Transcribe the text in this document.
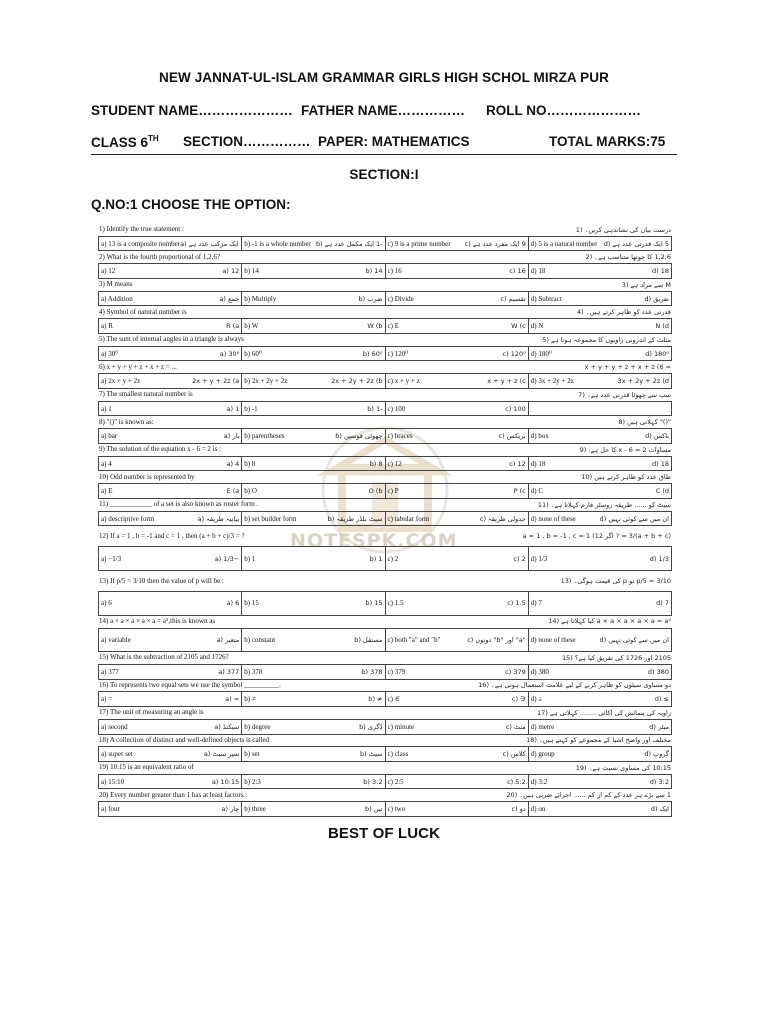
NEW JANNAT-UL-ISLAM GRAMMAR GIRLS HIGH SCHOL MIRZA PUR
STUDENT NAME………………… FATHER NAME…………… ROLL NO…………………
CLASS 6TH SECTION…………… PAPER: MATHEMATICS	TOTAL MARKS:75
SECTION:I
Q.NO:1 CHOOSE THE OPTION:
NOTESPK.COM
1) Identify the true statement :	درست بیان کی نشاندہی کریں۔ (1
a) 13 is a composite number	ایک مرکب عدد ہے (a	b) -1 is a whole number -1 ایک مکمل عدد ہے (b c) 9 is a prime number 9 ایک مفرد عدد ہے (c d) 5 is a natural number 5 ایک قدرتی عدد ہے (d
2) What is the fourth proportional of 1,2,6?	1,2,6 کا چوتھا متناسب ہے۔ (2
a) 12	12 (a b) 14	14 (b c) 16	16 (c d) 18	18 (d
3) M means	M سے مراد ہے (3
a) Addition	جمع (a b) Multiply	ضرب (b c) Divide	تقسیم (c d) Subtract	تفریق (d
4) Symbol of natural number is	قدرتی عدد کو ظاہر کرتے ہیں۔ (4
a) R	R (a b) W	W (b c) E	W (c d) N	N (d
5) The sum of internal angles in a triangle is always	مثلث کے اندرونی زاویوں کا مجموعہ ہوتا ہے (5
a) 30⁰	30⁰ (a b) 60⁰	60⁰ (b c) 120⁰	120⁰ (c d) 180⁰	180⁰ (d
6) x + y + y + z + x + z = ...	= x + y + y + z + x + z (6
a) 2x + y + 2z	2x + y + 2z (a b) 2x + 2y + 2z	2x + 2y + 2z (b c) x + y + z	x + y + z (c d) 3x + 2y + 2z	3x + 2y + 2z (d
7) The smallest natural number is	سب سے چھوٹا قدرتی عدد ہے۔ (7
a) 1	1 (a b) -1	-1 (b c) 100	100 (c
8) "()" is known as:	"()" کہلاتی ہیں (8
a) bar	بار (a b) parentheses	چھوٹی قوسین (b c) braces	بریکس (c d) box	باکس (d
9) The solution of the equation x - 6 = 2 is :	مساوات x - 6 = 2 کا حل ہے: (9
a) 4	4 (a b) 8	8 (b c) 12	12 (c d) 18	18 (d
10) Odd number is represented by	طاق عدد کو ظاہر کرتے ہیں (10
a) E	E (a b) O	O (b c) P	P (c d) C	C (d
11) ____________ of a set is also known as roster form .	سیٹ کو ...... طریقہ روسٹر فارم کہلاتا ہے۔ (11
a) descriptive form	بیانیہ طریقہ (a b) set builder form	سیٹ بلڈر طریقہ (b c) tabular form	جدولی طریقہ (c d) none of these	ان میں سے کوئی نہیں (d
12) If a = 1 , b = -1 and c = 1 , then (a + b + c)/3 = ?	(a + b + c)/3 = ? اگر a = 1 , b = -1 , c = 1 (12
a) −1/3	−1/3 (a b) 1	1 (b c) 2	2 (c d) 1/3	1/3 (d
13) If p/5 = 3/10 then the value of p will be :	p/5 = 3/10 تو p کی قیمت ہوگی۔ (13
a) 6	6 (a b) 15	15 (b c) 1.5	1.5 (c d) 7	7 (d
14) a × a × a × a × a = a⁵,this is known as	a × a × a × a × a = a⁵ کیا کہلاتا ہے (14
a) variable	متغیر (a b) constant	مستقل (b c) both "a" and "b"	"a" اور "b" دونوں (c d) none of these	ان میں سے کوئی نہیں (d
15) What is the subtraction of 2105 and 1726?	2105 اور 1726 کی تفریق کیا ہے؟ (15
a) 377	377 (a b) 378	378 (b c) 379	379 (c d) 380	380 (d
16) To represents two equal sets we use the symbol __________.	دو مساوی سیٹوں کو ظاہر کرنے کے لیے علامت استعمال ہوتی ہے۔ (16
a) =	= (a b) ≠	≠ (b c) ∈	∈ (c d) ≥	≥ (d
17) The unit of measuring an angle is	زاویہ کی پیمائش کی اکائی ........ کہلاتی ہے (17
a) second	سیکنڈ (a b) degree	ڈگری (b c) minute	منٹ (c d) metre	میٹر (d
18) A collection of distinct and well-defined objects is called	مختلف اور واضح اشیا کے مجموعے کو کہتے ہیں۔ (18
a) super set	سپر سیٹ (a b) set	سیٹ (b c) class	کلاس (c d) group	گروپ (d
19) 10:15 is an equivalent ratio of	10:15 کی مساوی نسبت ہے۔ (19
a) 15:10	10:15 (a b) 2:3	3:2 (b c) 2:5	5:2 (c d) 3:2	3:2 (d
20) Every number greater than 1 has at least factors :	1 سے بڑے ہر عدد کے کم از کم ...... اجزائے ضربی ہیں۔ (20
a) four	چار (a b) three	تین (b c) two	دو (c d) on	ایک (d
BEST OF LUCK
